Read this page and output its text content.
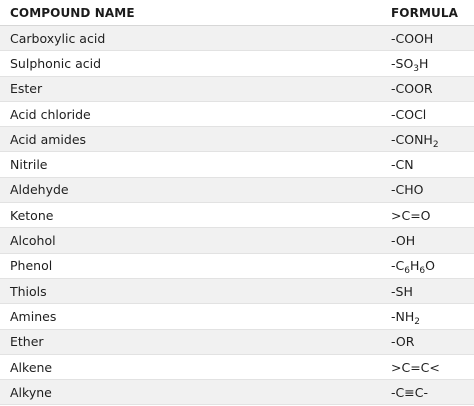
COMPOUND NAME	FORMULA
Carboxylic acid	-COOH
Sulphonic acid	$-SO_3H$
Ester	-COOR
Acid chloride	-COCl
Acid amides	$-CONH_2$
Nitrile	-CN
Aldehyde	-CHO
Ketone	>C=O
Alcohol	-OH
Phenol	$-C_6H_6O$
Thiols	-SH
Amines	$-NH_2$
Ether	-OR
Alkene	>C=C<
Alkyne	-C≡C-
